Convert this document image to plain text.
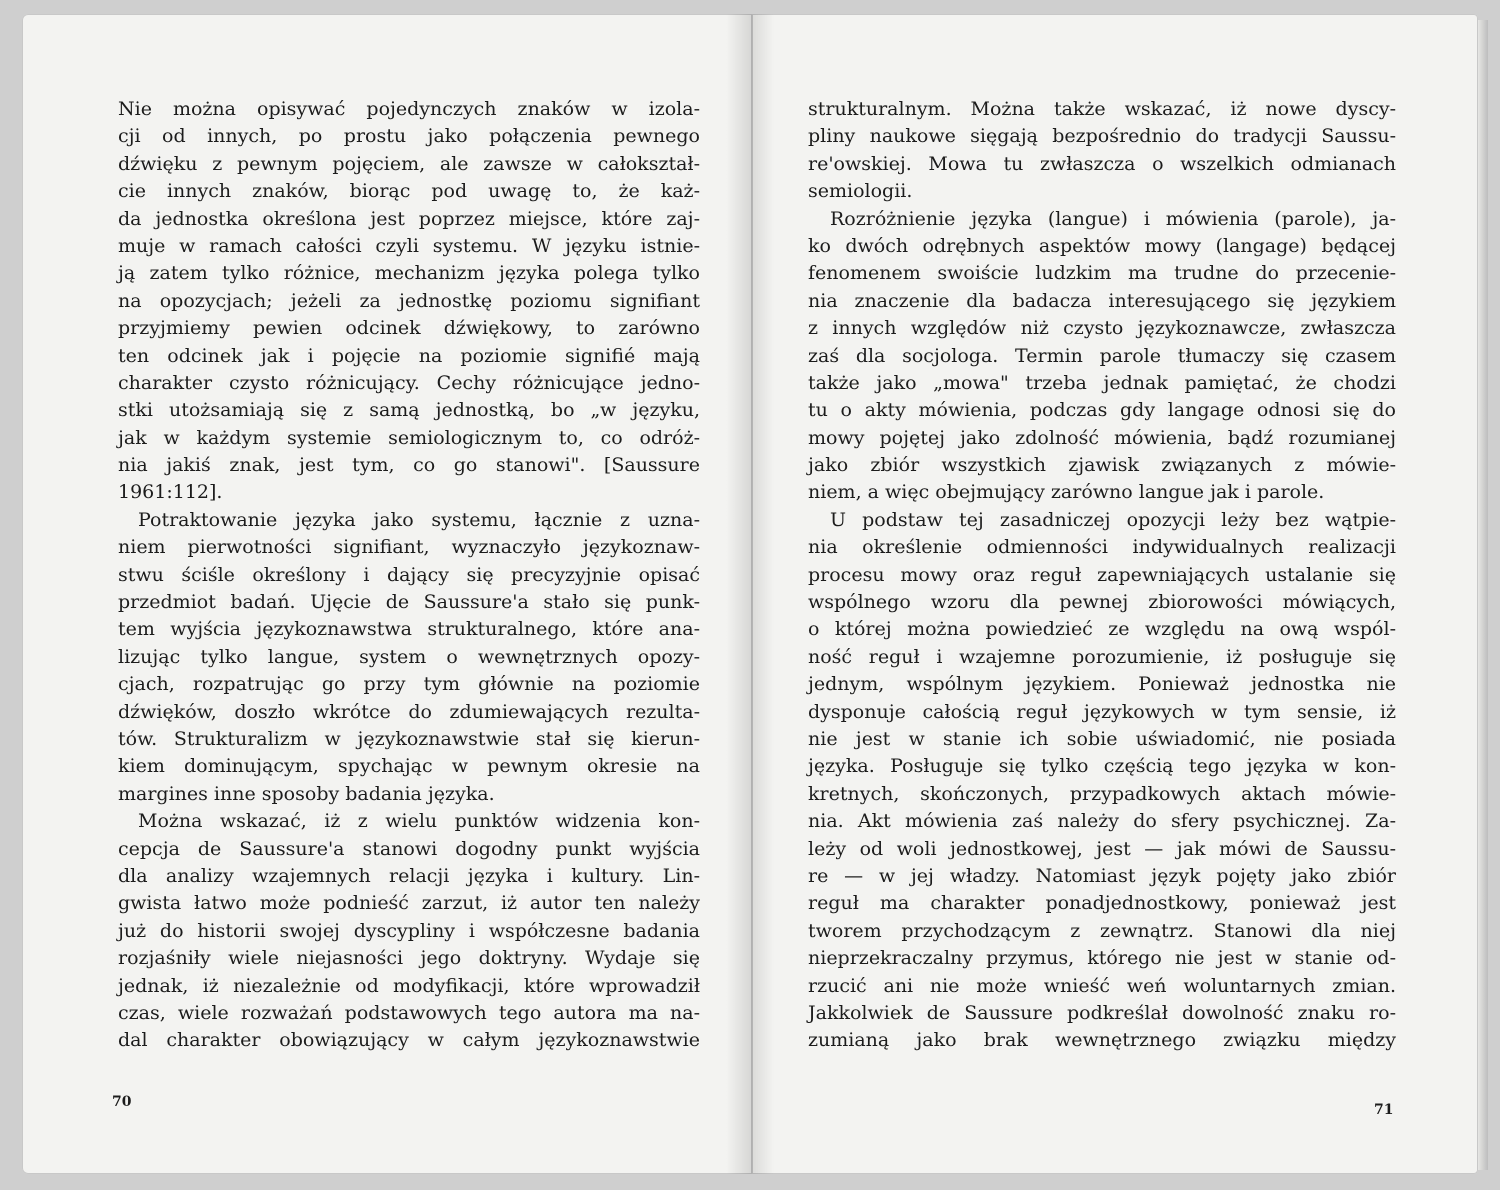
Nie można opisywać pojedynczych znaków w izola-
cji od innych, po prostu jako połączenia pewnego
dźwięku z pewnym pojęciem, ale zawsze w całokształ-
cie innych znaków, biorąc pod uwagę to, że każ-
da jednostka określona jest poprzez miejsce, które zaj-
muje w ramach całości czyli systemu. W języku istnie-
ją zatem tylko różnice, mechanizm języka polega tylko
na opozycjach; jeżeli za jednostkę poziomu signifiant
przyjmiemy pewien odcinek dźwiękowy, to zarówno
ten odcinek jak i pojęcie na poziomie signifié mają
charakter czysto różnicujący. Cechy różnicujące jedno-
stki utożsamiają się z samą jednostką, bo „w języku,
jak w każdym systemie semiologicznym to, co odróż-
nia jakiś znak, jest tym, co go stanowi". [Saussure
1961:112].
Potraktowanie języka jako systemu, łącznie z uzna-
niem pierwotności signifiant, wyznaczyło językoznaw-
stwu ściśle określony i dający się precyzyjnie opisać
przedmiot badań. Ujęcie de Saussure'a stało się punk-
tem wyjścia językoznawstwa strukturalnego, które ana-
lizując tylko langue, system o wewnętrznych opozy-
cjach, rozpatrując go przy tym głównie na poziomie
dźwięków, doszło wkrótce do zdumiewających rezulta-
tów. Strukturalizm w językoznawstwie stał się kierun-
kiem dominującym, spychając w pewnym okresie na
margines inne sposoby badania języka.
Można wskazać, iż z wielu punktów widzenia kon-
cepcja de Saussure'a stanowi dogodny punkt wyjścia
dla analizy wzajemnych relacji języka i kultury. Lin-
gwista łatwo może podnieść zarzut, iż autor ten należy
już do historii swojej dyscypliny i współczesne badania
rozjaśniły wiele niejasności jego doktryny. Wydaje się
jednak, iż niezależnie od modyfikacji, które wprowadził
czas, wiele rozważań podstawowych tego autora ma na-
dal charakter obowiązujący w całym językoznawstwie
70
strukturalnym. Można także wskazać, iż nowe dyscy-
pliny naukowe sięgają bezpośrednio do tradycji Saussu-
re'owskiej. Mowa tu zwłaszcza o wszelkich odmianach
semiologii.
Rozróżnienie języka (langue) i mówienia (parole), ja-
ko dwóch odrębnych aspektów mowy (langage) będącej
fenomenem swoiście ludzkim ma trudne do przecenie-
nia znaczenie dla badacza interesującego się językiem
z innych względów niż czysto językoznawcze, zwłaszcza
zaś dla socjologa. Termin parole tłumaczy się czasem
także jako „mowa" trzeba jednak pamiętać, że chodzi
tu o akty mówienia, podczas gdy langage odnosi się do
mowy pojętej jako zdolność mówienia, bądź rozumianej
jako zbiór wszystkich zjawisk związanych z mówie-
niem, a więc obejmujący zarówno langue jak i parole.
U podstaw tej zasadniczej opozycji leży bez wątpie-
nia określenie odmienności indywidualnych realizacji
procesu mowy oraz reguł zapewniających ustalanie się
wspólnego wzoru dla pewnej zbiorowości mówiących,
o której można powiedzieć ze względu na ową wspól-
ność reguł i wzajemne porozumienie, iż posługuje się
jednym, wspólnym językiem. Ponieważ jednostka nie
dysponuje całością reguł językowych w tym sensie, iż
nie jest w stanie ich sobie uświadomić, nie posiada
języka. Posługuje się tylko częścią tego języka w kon-
kretnych, skończonych, przypadkowych aktach mówie-
nia. Akt mówienia zaś należy do sfery psychicznej. Za-
leży od woli jednostkowej, jest — jak mówi de Saussu-
re — w jej władzy. Natomiast język pojęty jako zbiór
reguł ma charakter ponadjednostkowy, ponieważ jest
tworem przychodzącym z zewnątrz. Stanowi dla niej
nieprzekraczalny przymus, którego nie jest w stanie od-
rzucić ani nie może wnieść weń woluntarnych zmian.
Jakkolwiek de Saussure podkreślał dowolność znaku ro-
zumianą jako brak wewnętrznego związku między
71
